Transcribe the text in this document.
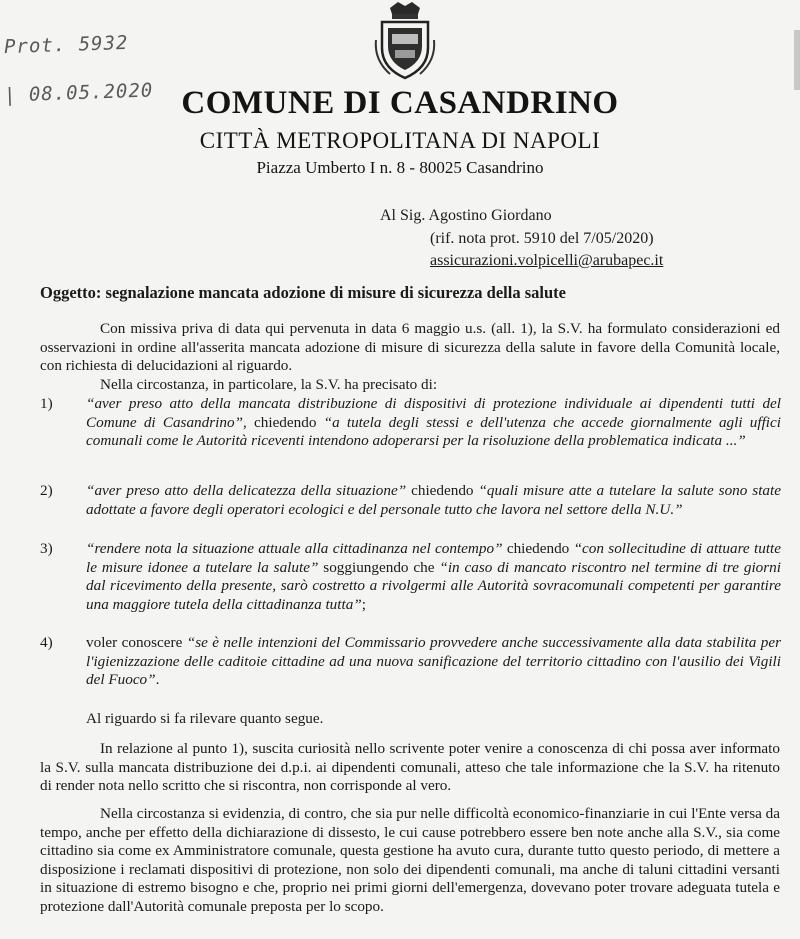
Prot. 5932
| 08.05.2020 COMUNE DI CASANDRINO
CITTÀ METROPOLITANA DI NAPOLI
Piazza Umberto I n. 8 - 80025 Casandrino
Al Sig. Agostino Giordano
(rif. nota prot. 5910 del 7/05/2020)
assicurazioni.volpicelli@arubapec.it
Oggetto: segnalazione mancata adozione di misure di sicurezza della salute
Con missiva priva di data qui pervenuta in data 6 maggio u.s. (all. 1), la S.V. ha formulato considerazioni ed osservazioni in ordine all'asserita mancata adozione di misure di sicurezza della salute in favore della Comunità locale, con richiesta di delucidazioni al riguardo.
Nella circostanza, in particolare, la S.V. ha precisato di:
1) “aver preso atto della mancata distribuzione di dispositivi di protezione individuale ai dipendenti tutti del Comune di Casandrino”, chiedendo “a tutela degli stessi e dell'utenza che accede giornalmente agli uffici comunali come le Autorità riceventi intendono adoperarsi per la risoluzione della problematica indicata ...”
2) “aver preso atto della delicatezza della situazione” chiedendo “quali misure atte a tutelare la salute sono state adottate a favore degli operatori ecologici e del personale tutto che lavora nel settore della N.U.”
3) “rendere nota la situazione attuale alla cittadinanza nel contempo” chiedendo “con sollecitudine di attuare tutte le misure idonee a tutelare la salute” soggiungendo che “in caso di mancato riscontro nel termine di tre giorni dal ricevimento della presente, sarò costretto a rivolgermi alle Autorità sovracomunali competenti per garantire una maggiore tutela della cittadinanza tutta”;
4) voler conoscere “se è nelle intenzioni del Commissario provvedere anche successivamente alla data stabilita per l'igienizzazione delle caditoie cittadine ad una nuova sanificazione del territorio cittadino con l'ausilio dei Vigili del Fuoco”.
Al riguardo si fa rilevare quanto segue.
In relazione al punto 1), suscita curiosità nello scrivente poter venire a conoscenza di chi possa aver informato la S.V. sulla mancata distribuzione dei d.p.i. ai dipendenti comunali, atteso che tale informazione che la S.V. ha ritenuto di render nota nello scritto che si riscontra, non corrisponde al vero.
Nella circostanza si evidenzia, di contro, che sia pur nelle difficoltà economico-finanziarie in cui l'Ente versa da tempo, anche per effetto della dichiarazione di dissesto, le cui cause potrebbero essere ben note anche alla S.V., sia come cittadino sia come ex Amministratore comunale, questa gestione ha avuto cura, durante tutto questo periodo, di mettere a disposizione i reclamati dispositivi di protezione, non solo dei dipendenti comunali, ma anche di taluni cittadini versanti in situazione di estremo bisogno e che, proprio nei primi giorni dell'emergenza, dovevano poter trovare adeguata tutela e protezione dall'Autorità comunale preposta per lo scopo.
